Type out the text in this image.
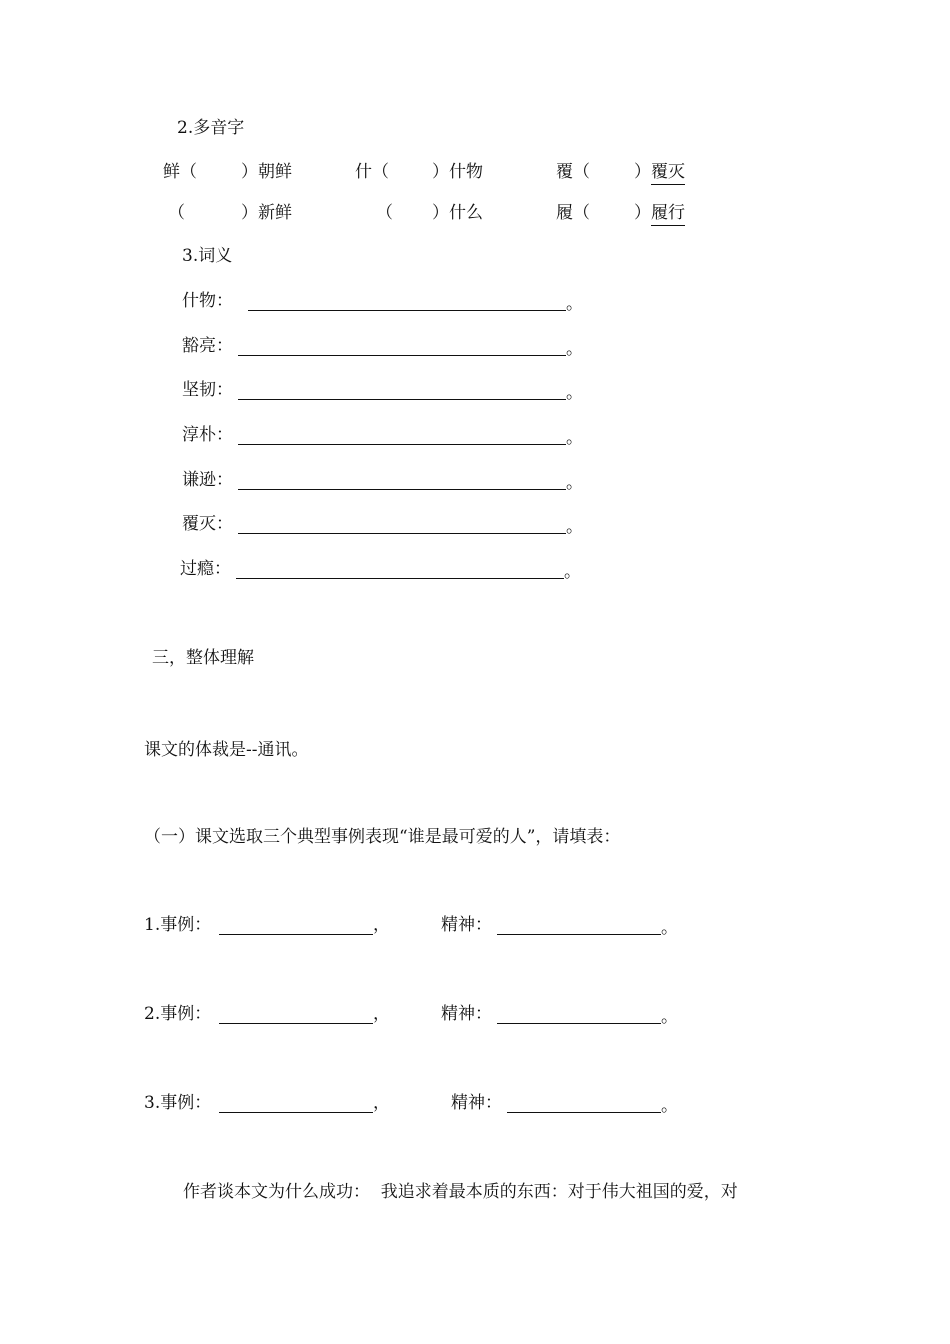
2.多音字
鲜（	）朝鲜	什（	）什物	覆（	） 覆灭
（	）新鲜	（ ）什么	履（	） 履行
3.词义
什物：	。
豁亮：	。
坚韧：	。
淳朴：	。
谦逊：	。
覆灭：	。
过瘾：	。
三，整体理解
课文的体裁是--通讯。
（一）课文选取三个典型事例表现“谁是最可爱的人”，请填表：
1.事例：	，	精神：	。
2.事例：	，	精神：	。
3.事例：	，	精神：	。
作者谈本文为什么成功：  我追求着最本质的东西：对于伟大祖国的爱，对
